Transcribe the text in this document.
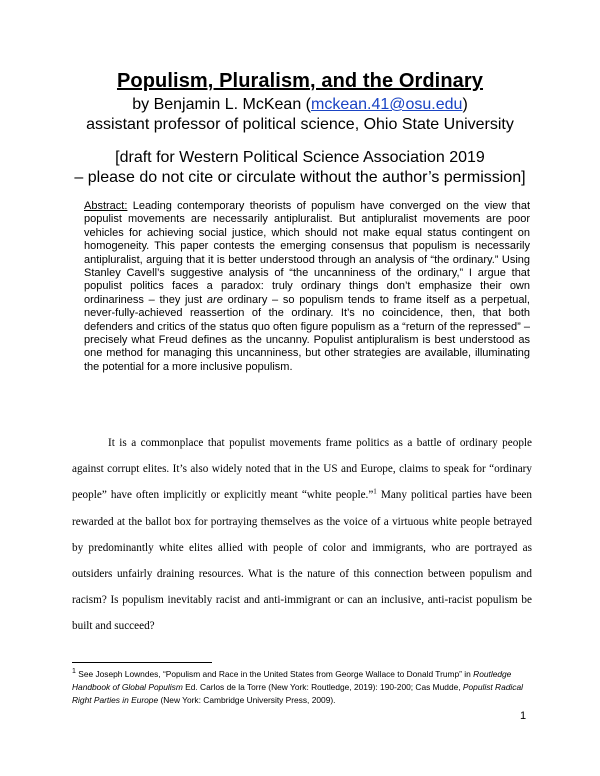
Populism, Pluralism, and the Ordinary
by Benjamin L. McKean (mckean.41@osu.edu)
assistant professor of political science, Ohio State University
[draft for Western Political Science Association 2019
– please do not cite or circulate without the author’s permission]
Abstract: Leading contemporary theorists of populism have converged on the view that populist movements are necessarily antipluralist. But antipluralist movements are poor vehicles for achieving social justice, which should not make equal status contingent on homogeneity. This paper contests the emerging consensus that populism is necessarily antipluralist, arguing that it is better understood through an analysis of “the ordinary.” Using Stanley Cavell’s suggestive analysis of “the uncanniness of the ordinary,” I argue that populist politics faces a paradox: truly ordinary things don’t emphasize their own ordinariness – they just are ordinary – so populism tends to frame itself as a perpetual, never-fully-achieved reassertion of the ordinary. It’s no coincidence, then, that both defenders and critics of the status quo often figure populism as a “return of the repressed” –precisely what Freud defines as the uncanny. Populist antipluralism is best understood as one method for managing this uncanniness, but other strategies are available, illuminating the potential for a more inclusive populism.
It is a commonplace that populist movements frame politics as a battle of ordinary people against corrupt elites. It’s also widely noted that in the US and Europe, claims to speak for “ordinary people” have often implicitly or explicitly meant “white people.”$^1$ Many political parties have been rewarded at the ballot box for portraying themselves as the voice of a virtuous white people betrayed by predominantly white elites allied with people of color and immigrants, who are portrayed as outsiders unfairly draining resources. What is the nature of this connection between populism and racism? Is populism inevitably racist and anti-immigrant or can an inclusive, anti-racist populism be built and succeed?
$^1$ See Joseph Lowndes, “Populism and Race in the United States from George Wallace to Donald Trump” in Routledge Handbook of Global Populism Ed. Carlos de la Torre (New York: Routledge, 2019): 190-200; Cas Mudde, Populist Radical Right Parties in Europe (New York: Cambridge University Press, 2009).
1
